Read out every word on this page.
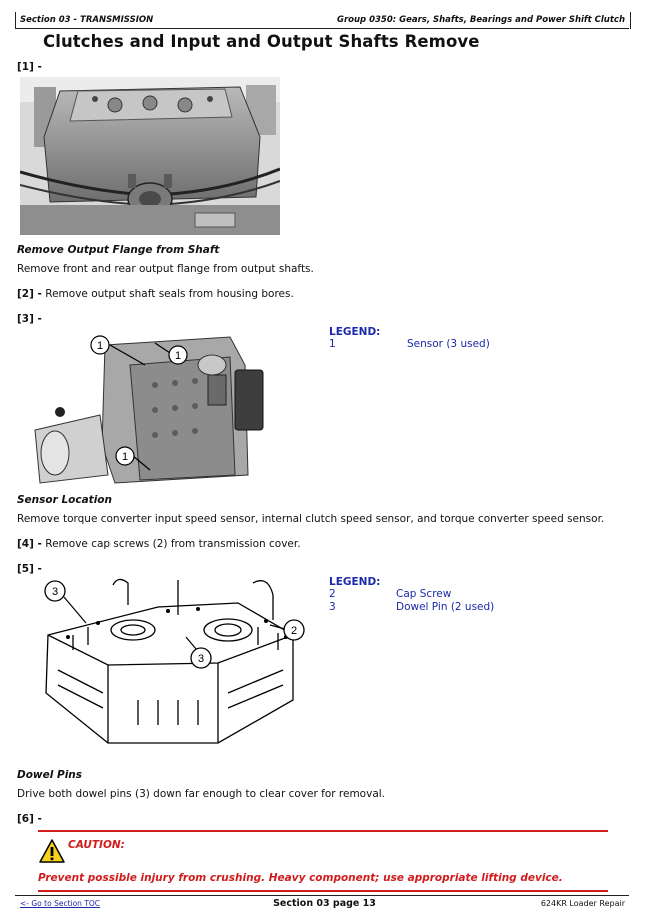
Section 03 - TRANSMISSION	Group 0350: Gears, Shafts, Bearings and Power Shift Clutch
Clutches and Input and Output Shafts Remove
[1] -
Remove Output Flange from Shaft
Remove front and rear output flange from output shafts.
[2] - Remove output shaft seals from housing bores.
[3] -
1
1
1
LEGEND:
1	Sensor (3 used)
Sensor Location
Remove torque converter input speed sensor, internal clutch speed sensor, and torque converter speed sensor.
[4] - Remove cap screws (2) from transmission cover.
[5] -
3
3
2
LEGEND:
2	Cap Screw
3	Dowel Pin (2 used)
Dowel Pins
Drive both dowel pins (3) down far enough to clear cover for removal.
[6] -
CAUTION:
Prevent possible injury from crushing. Heavy component; use appropriate lifting device.
<- Go to Section TOC	Section 03 page 13	624KR Loader Repair
